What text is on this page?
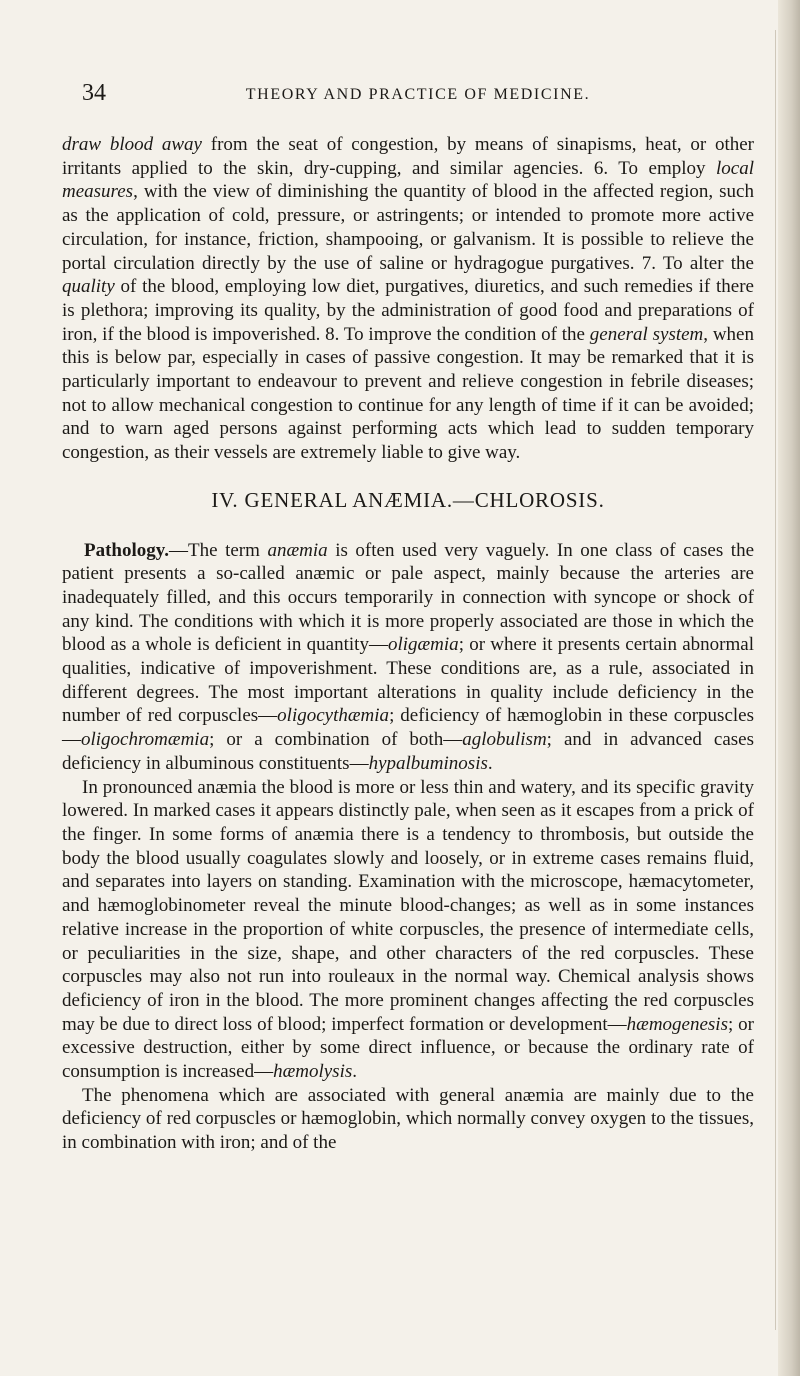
34	THEORY AND PRACTICE OF MEDICINE.

draw blood away from the seat of congestion, by means of sinapisms, heat, or other irritants applied to the skin, dry-cupping, and similar agencies. 6. To employ local measures, with the view of diminishing the quantity of blood in the affected region, such as the application of cold, pressure, or astringents; or intended to promote more active circulation, for instance, friction, shampooing, or galvanism. It is possible to relieve the portal circulation directly by the use of saline or hydragogue purgatives. 7. To alter the quality of the blood, employing low diet, purgatives, diuretics, and such remedies if there is plethora; improving its quality, by the administration of good food and preparations of iron, if the blood is impoverished. 8. To improve the condition of the general system, when this is below par, especially in cases of passive congestion. It may be remarked that it is particularly important to endeavour to prevent and relieve congestion in febrile diseases; not to allow mechanical congestion to continue for any length of time if it can be avoided; and to warn aged persons against performing acts which lead to sudden temporary congestion, as their vessels are extremely liable to give way.

IV. GENERAL ANÆMIA.—CHLOROSIS.

Pathology.—The term anæmia is often used very vaguely. In one class of cases the patient presents a so-called anæmic or pale aspect, mainly because the arteries are inadequately filled, and this occurs temporarily in connection with syncope or shock of any kind. The conditions with which it is more properly associated are those in which the blood as a whole is deficient in quantity—oligæmia; or where it presents certain abnormal qualities, indicative of impoverishment. These conditions are, as a rule, associated in different degrees. The most important alterations in quality include deficiency in the number of red corpuscles—oligocythæmia; deficiency of hæmoglobin in these corpuscles—oligochromæmia; or a combination of both—aglobulism; and in advanced cases deficiency in albuminous constituents—hypalbuminosis.

In pronounced anæmia the blood is more or less thin and watery, and its specific gravity lowered. In marked cases it appears distinctly pale, when seen as it escapes from a prick of the finger. In some forms of anæmia there is a tendency to thrombosis, but outside the body the blood usually coagulates slowly and loosely, or in extreme cases remains fluid, and separates into layers on standing. Examination with the microscope, hæmacytometer, and hæmoglobinometer reveal the minute blood-changes; as well as in some instances relative increase in the proportion of white corpuscles, the presence of intermediate cells, or peculiarities in the size, shape, and other characters of the red corpuscles. These corpuscles may also not run into rouleaux in the normal way. Chemical analysis shows deficiency of iron in the blood. The more prominent changes affecting the red corpuscles may be due to direct loss of blood; imperfect formation or development—hæmogenesis; or excessive destruction, either by some direct influence, or because the ordinary rate of consumption is increased—hæmolysis.

The phenomena which are associated with general anæmia are mainly due to the deficiency of red corpuscles or hæmoglobin, which normally convey oxygen to the tissues, in combination with iron; and of the
